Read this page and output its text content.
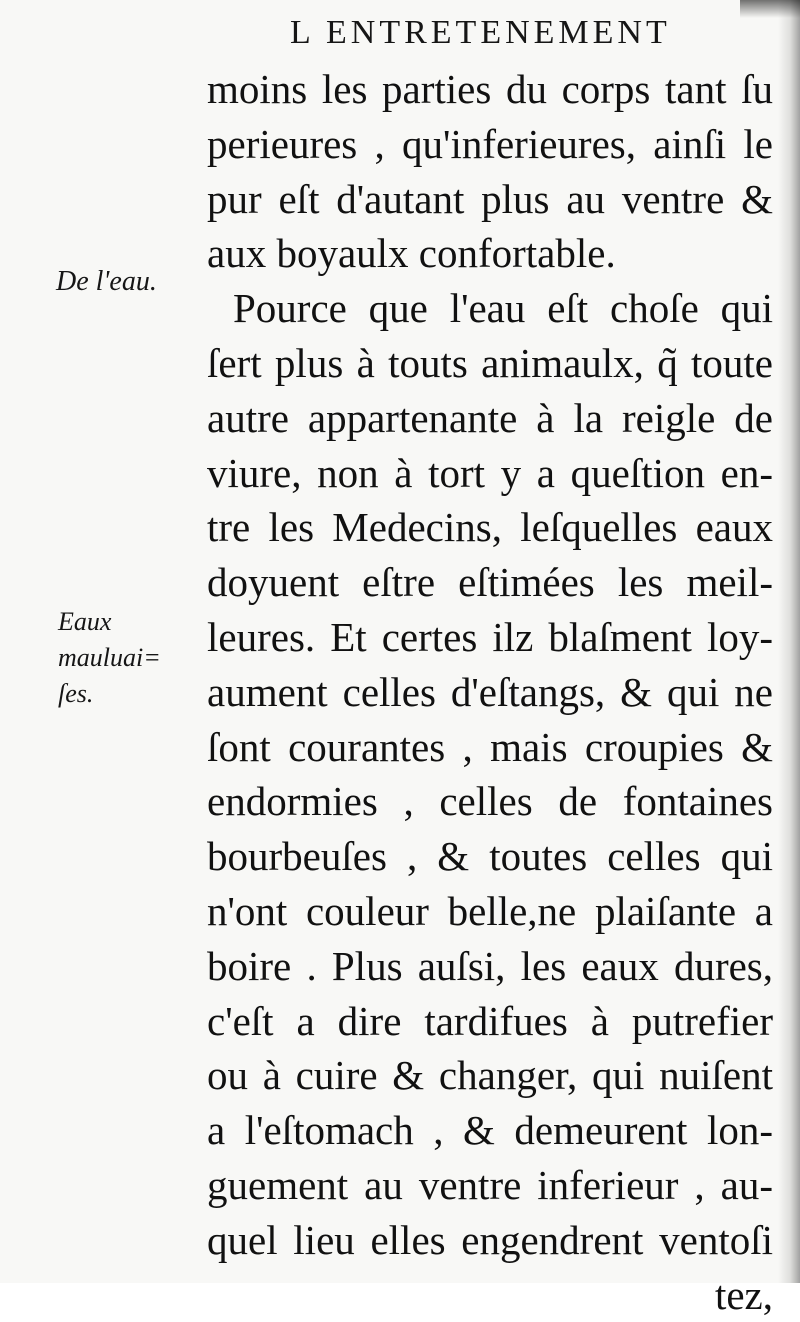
L ENTRETENEMENT
De l'eau.
Eaux
mauluai=
ſes.
moins les parties du corps tant ſu
perieures , qu'inferieures, ainſi le
pur eſt d'autant plus au ventre &
aux boyaulx confortable.
Pource que l'eau eſt choſe qui
ſert plus à touts animaulx, q̃ toute
autre appartenante à la reigle de
viure, non à tort y a queſtion en-
tre les Medecins, leſquelles eaux
doyuent eſtre eſtimées les meil-
leures. Et certes ilz blaſment loy-
aument celles d'eſtangs, & qui ne
ſont courantes , mais croupies &
endormies , celles de fontaines
bourbeuſes , & toutes celles qui
n'ont couleur belle,ne plaiſante a
boire . Plus auſsi, les eaux dures,
c'eſt a dire tardifues à putrefier
ou à cuire & changer, qui nuiſent
a l'eſtomach , & demeurent lon-
guement au ventre inferieur , au-
quel lieu elles engendrent ventoſi
tez,
